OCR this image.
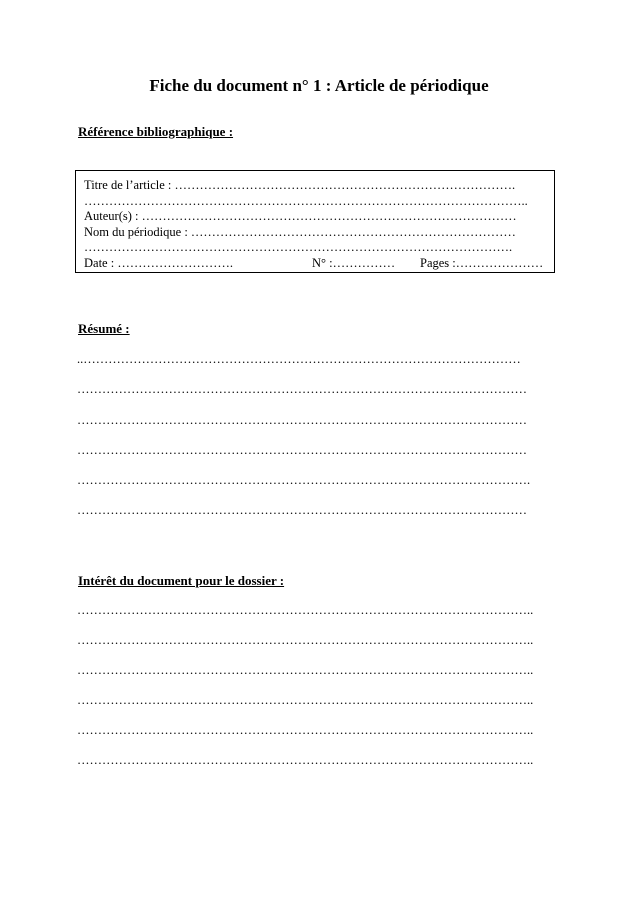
Fiche du document n° 1 : Article de périodique
Référence bibliographique :
Titre de l’article : ……………………………………………………………………….
……………………………………………………………………………………………..
Auteur(s) : ………………………………………………………………………………
Nom du périodique : ……………………………………………………………………
………………………………………………………………………………………….
Date : ……………………….	N° :…………… Pages :…………………
Résumé :
..……………………………………………………………………………………………
………………………………………………………………………………………………
………………………………………………………………………………………………
………………………………………………………………………………………………
……………………………………………………………………………………………….
………………………………………………………………………………………………
Intérêt du document pour le dossier :
………………………………………………………………………………………………..
………………………………………………………………………………………………..
………………………………………………………………………………………………..
………………………………………………………………………………………………..
………………………………………………………………………………………………..
………………………………………………………………………………………………..
